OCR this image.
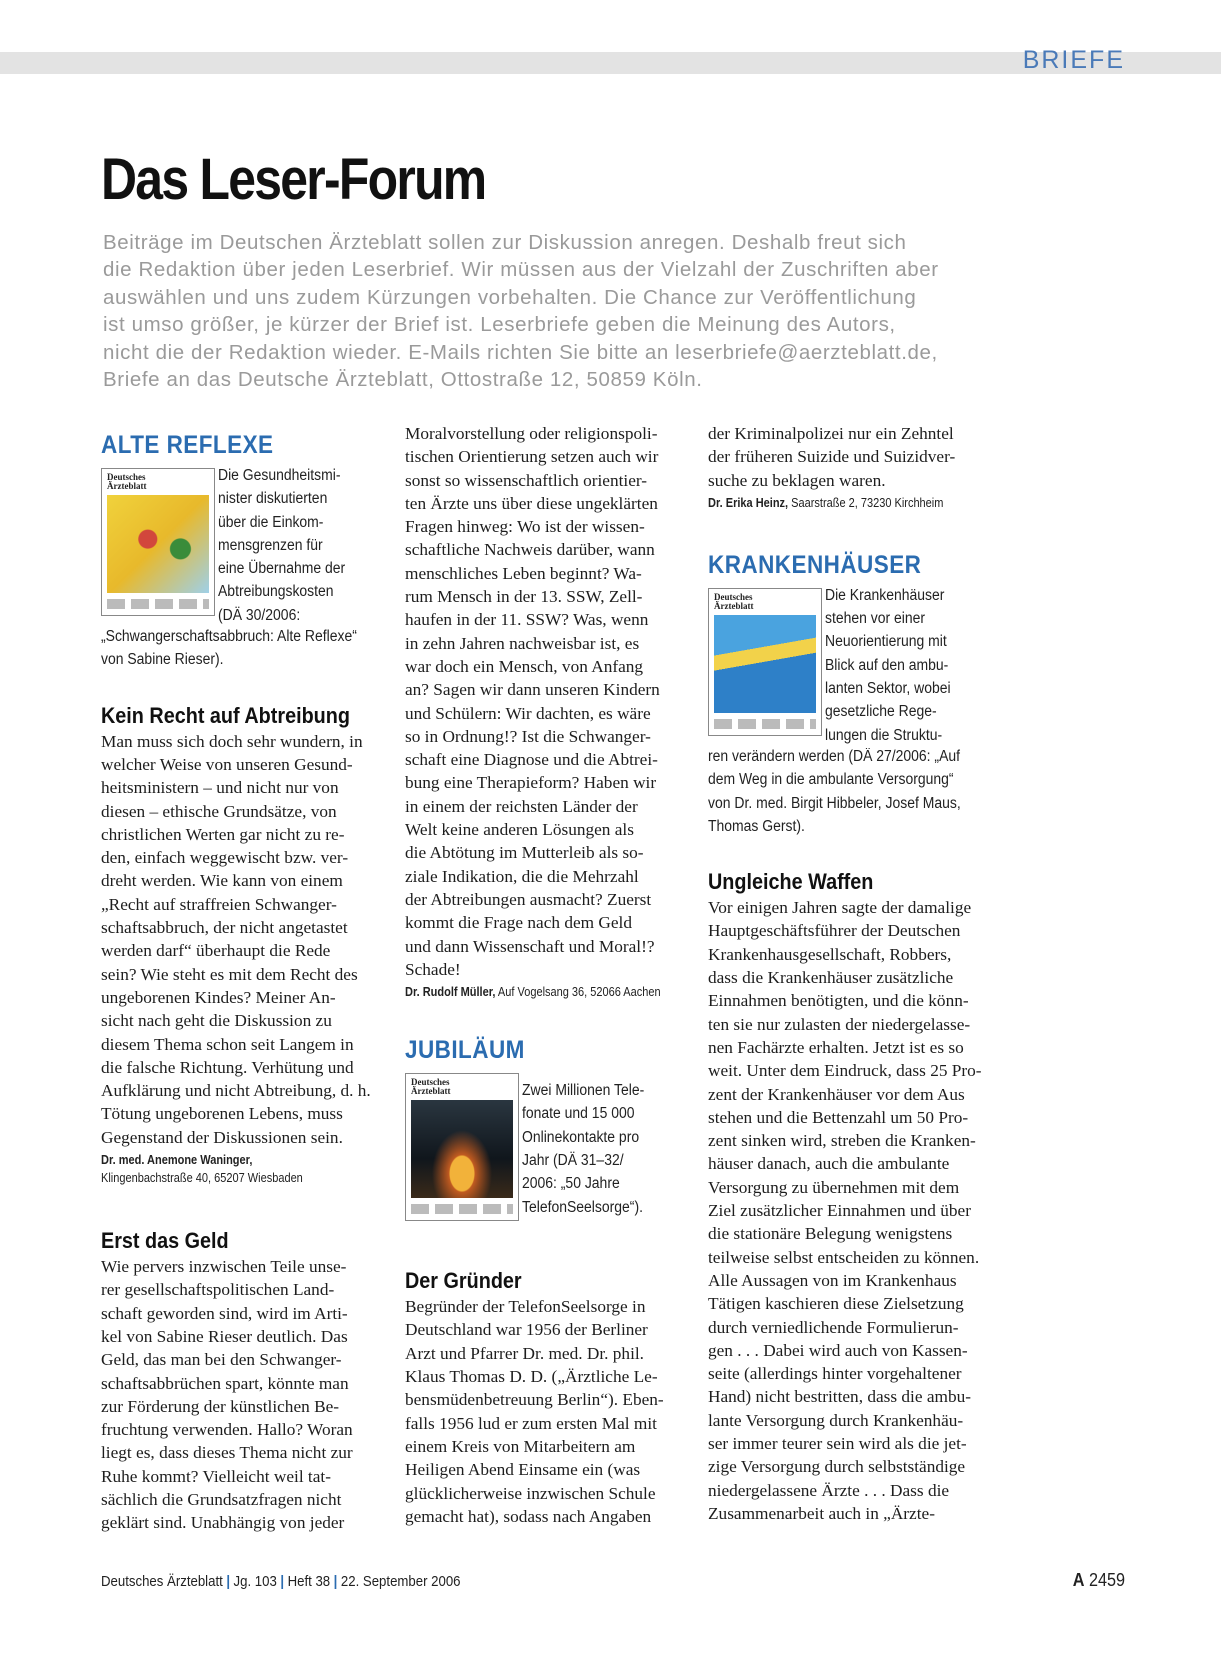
BRIEFE
Das Leser-Forum
Beiträge im Deutschen Ärzteblatt sollen zur Diskussion anregen. Deshalb freut sich
die Redaktion über jeden Leserbrief. Wir müssen aus der Vielzahl der Zuschriften aber
auswählen und uns zudem Kürzungen vorbehalten. Die Chance zur Veröffentlichung
ist umso größer, je kürzer der Brief ist. Leserbriefe geben die Meinung des Autors,
nicht die der Redaktion wieder. E-Mails richten Sie bitte an leserbriefe@aerzteblatt.de,
Briefe an das Deutsche Ärzteblatt, Ottostraße 12, 50859 Köln.
ALTE REFLEXE
Deutsches
Ärzteblatt
Die Gesundheitsmi-
nister diskutierten
über die Einkom-
mensgrenzen für
eine Übernahme der
Abtreibungskosten
(DÄ 30/2006:
„Schwangerschaftsabbruch: Alte Reflexe“
von Sabine Rieser).
Kein Recht auf Abtreibung
Man muss sich doch sehr wundern, in
welcher Weise von unseren Gesund-
heitsministern – und nicht nur von
diesen – ethische Grundsätze, von
christlichen Werten gar nicht zu re-
den, einfach weggewischt bzw. ver-
dreht werden. Wie kann von einem
„Recht auf straffreien Schwanger-
schaftsabbruch, der nicht angetastet
werden darf“ überhaupt die Rede
sein? Wie steht es mit dem Recht des
ungeborenen Kindes? Meiner An-
sicht nach geht die Diskussion zu
diesem Thema schon seit Langem in
die falsche Richtung. Verhütung und
Aufklärung und nicht Abtreibung, d. h.
Tötung ungeborenen Lebens, muss
Gegenstand der Diskussionen sein.
Dr. med. Anemone Waninger,
Klingenbachstraße 40, 65207 Wiesbaden
Erst das Geld
Wie pervers inzwischen Teile unse-
rer gesellschaftspolitischen Land-
schaft geworden sind, wird im Arti-
kel von Sabine Rieser deutlich. Das
Geld, das man bei den Schwanger-
schaftsabbrüchen spart, könnte man
zur Förderung der künstlichen Be-
fruchtung verwenden. Hallo? Woran
liegt es, dass dieses Thema nicht zur
Ruhe kommt? Vielleicht weil tat-
sächlich die Grundsatzfragen nicht
geklärt sind. Unabhängig von jeder
Moralvorstellung oder religionspoli-
tischen Orientierung setzen auch wir
sonst so wissenschaftlich orientier-
ten Ärzte uns über diese ungeklärten
Fragen hinweg: Wo ist der wissen-
schaftliche Nachweis darüber, wann
menschliches Leben beginnt? Wa-
rum Mensch in der 13. SSW, Zell-
haufen in der 11. SSW? Was, wenn
in zehn Jahren nachweisbar ist, es
war doch ein Mensch, von Anfang
an? Sagen wir dann unseren Kindern
und Schülern: Wir dachten, es wäre
so in Ordnung!? Ist die Schwanger-
schaft eine Diagnose und die Abtrei-
bung eine Therapieform? Haben wir
in einem der reichsten Länder der
Welt keine anderen Lösungen als
die Abtötung im Mutterleib als so-
ziale Indikation, die die Mehrzahl
der Abtreibungen ausmacht? Zuerst
kommt die Frage nach dem Geld
und dann Wissenschaft und Moral!?
Schade!
Dr. Rudolf Müller, Auf Vogelsang 36, 52066 Aachen
JUBILÄUM
Deutsches
Ärzteblatt	Zwei Millionen Tele-
fonate und 15 000
Onlinekontakte pro
Jahr (DÄ 31–32/
2006: „50 Jahre
TelefonSeelsorge“).
Der Gründer
Begründer der TelefonSeelsorge in
Deutschland war 1956 der Berliner
Arzt und Pfarrer Dr. med. Dr. phil.
Klaus Thomas D. D. („Ärztliche Le-
bensmüdenbetreuung Berlin“). Eben-
falls 1956 lud er zum ersten Mal mit
einem Kreis von Mitarbeitern am
Heiligen Abend Einsame ein (was
glücklicherweise inzwischen Schule
gemacht hat), sodass nach Angaben
der Kriminalpolizei nur ein Zehntel
der früheren Suizide und Suizidver-
suche zu beklagen waren.
Dr. Erika Heinz, Saarstraße 2, 73230 Kirchheim
KRANKENHÄUSER
Deutsches
Ärzteblatt
Die Krankenhäuser
stehen vor einer
Neuorientierung mit
Blick auf den ambu-
lanten Sektor, wobei
gesetzliche Rege-
lungen die Struktu-
ren verändern werden (DÄ 27/2006: „Auf
dem Weg in die ambulante Versorgung“
von Dr. med. Birgit Hibbeler, Josef Maus,
Thomas Gerst).
Ungleiche Waffen
Vor einigen Jahren sagte der damalige
Hauptgeschäftsführer der Deutschen
Krankenhausgesellschaft, Robbers,
dass die Krankenhäuser zusätzliche
Einnahmen benötigten, und die könn-
ten sie nur zulasten der niedergelasse-
nen Fachärzte erhalten. Jetzt ist es so
weit. Unter dem Eindruck, dass 25 Pro-
zent der Krankenhäuser vor dem Aus
stehen und die Bettenzahl um 50 Pro-
zent sinken wird, streben die Kranken-
häuser danach, auch die ambulante
Versorgung zu übernehmen mit dem
Ziel zusätzlicher Einnahmen und über
die stationäre Belegung wenigstens
teilweise selbst entscheiden zu können.
Alle Aussagen von im Krankenhaus
Tätigen kaschieren diese Zielsetzung
durch verniedlichende Formulierun-
gen . . . Dabei wird auch von Kassen-
seite (allerdings hinter vorgehaltener
Hand) nicht bestritten, dass die ambu-
lante Versorgung durch Krankenhäu-
ser immer teurer sein wird als die jet-
zige Versorgung durch selbstständige
niedergelassene Ärzte . . . Dass die
Zusammenarbeit auch in „Ärzte-
Deutsches Ärzteblatt | Jg. 103 | Heft 38 | 22. September 2006	A 2459
